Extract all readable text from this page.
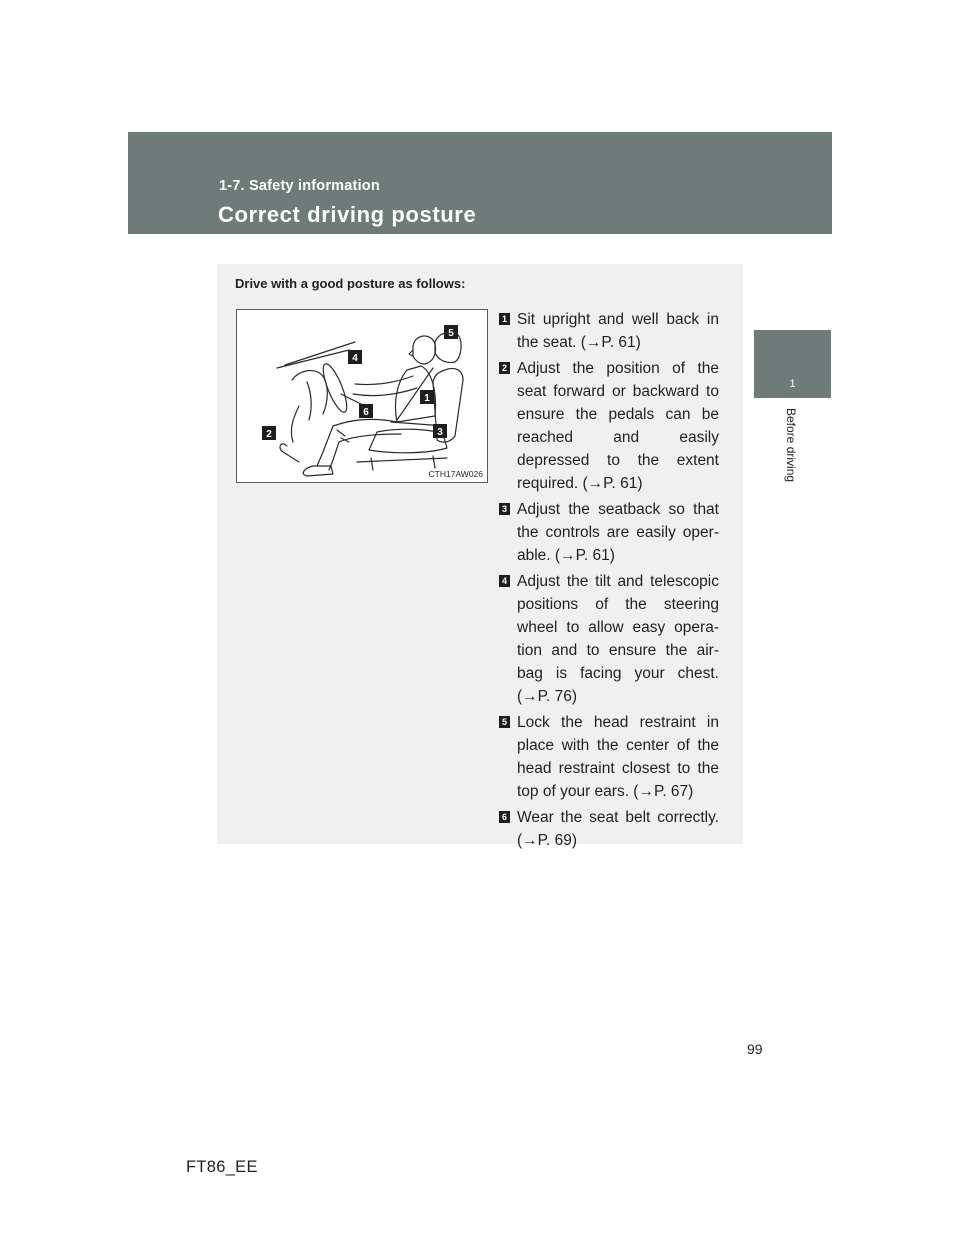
1-7. Safety information
Correct driving posture
1
Before driving
Drive with a good posture as follows:
5
4
1
6
3
2
CTH17AW026
1 Sit upright and well back in the seat. (→P. 61)
2 Adjust the position of the seat forward or backward to ensure the pedals can be reached and easily depressed to the extent required. (→P. 61)
3 Adjust the seatback so that the controls are easily oper-able. (→P. 61)
4 Adjust the tilt and telescopic positions of the steering wheel to allow easy opera-tion and to ensure the air-bag is facing your chest. (→P. 76)
5 Lock the head restraint in place with the center of the head restraint closest to the top of your ears. (→P. 67)
6 Wear the seat belt correctly. (→P. 69)
99
FT86_EE
